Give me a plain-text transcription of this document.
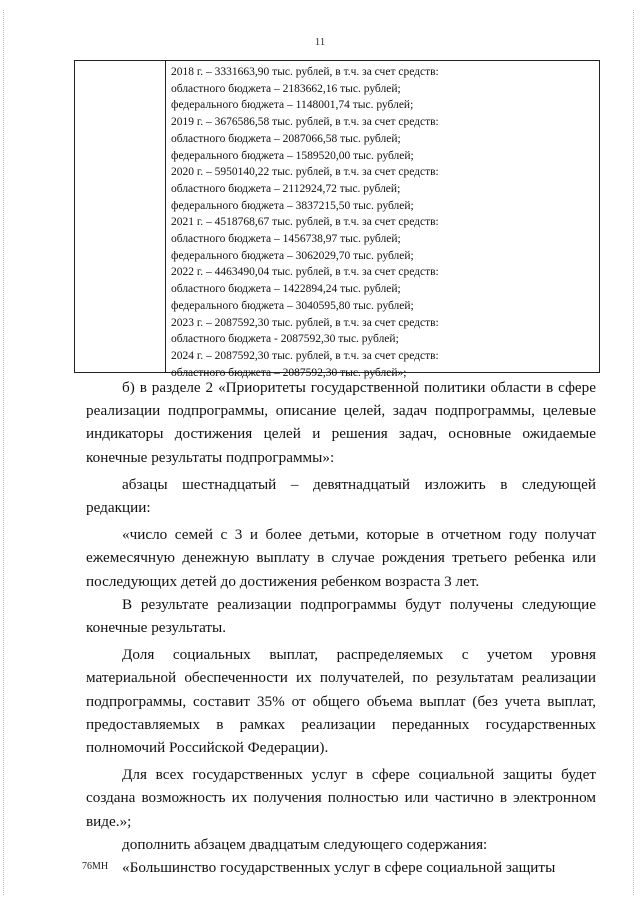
11
2018 г. – 3331663,90 тыс. рублей, в т.ч. за счет средств:
областного бюджета – 2183662,16 тыс. рублей;
федерального бюджета – 1148001,74 тыс. рублей;
2019 г. – 3676586,58 тыс. рублей, в т.ч. за счет средств:
областного бюджета – 2087066,58 тыс. рублей;
федерального бюджета – 1589520,00 тыс. рублей;
2020 г. – 5950140,22 тыс. рублей, в т.ч. за счет средств:
областного бюджета – 2112924,72 тыс. рублей;
федерального бюджета – 3837215,50 тыс. рублей;
2021 г. – 4518768,67 тыс. рублей, в т.ч. за счет средств:
областного бюджета – 1456738,97 тыс. рублей;
федерального бюджета – 3062029,70 тыс. рублей;
2022 г. – 4463490,04 тыс. рублей, в т.ч. за счет средств:
областного бюджета – 1422894,24 тыс. рублей;
федерального бюджета – 3040595,80 тыс. рублей;
2023 г. – 2087592,30 тыс. рублей, в т.ч. за счет средств:
областного бюджета - 2087592,30 тыс. рублей;
2024 г. – 2087592,30 тыс. рублей, в т.ч. за счет средств:
областного бюджета – 2087592,30 тыс. рублей»;

б) в разделе 2 «Приоритеты государственной политики области в сфере реализации подпрограммы, описание целей, задач подпрограммы, целевые индикаторы достижения целей и решения задач, основные ожидаемые конечные результаты подпрограммы»:

абзацы шестнадцатый – девятнадцатый изложить в следующей редакции:

«число семей с 3 и более детьми, которые в отчетном году получат ежемесячную денежную выплату в случае рождения третьего ребенка или последующих детей до достижения ребенком возраста 3 лет.

В результате реализации подпрограммы будут получены следующие конечные результаты.

Доля социальных выплат, распределяемых с учетом уровня материальной обеспеченности их получателей, по результатам реализации подпрограммы, составит 35% от общего объема выплат (без учета выплат, предоставляемых в рамках реализации переданных государственных полномочий Российской Федерации).

Для всех государственных услуг в сфере социальной защиты будет создана возможность их получения полностью или частично в электронном виде.»;

дополнить абзацем двадцатым следующего содержания:

«Большинство государственных услуг в сфере социальной защиты

76МН
